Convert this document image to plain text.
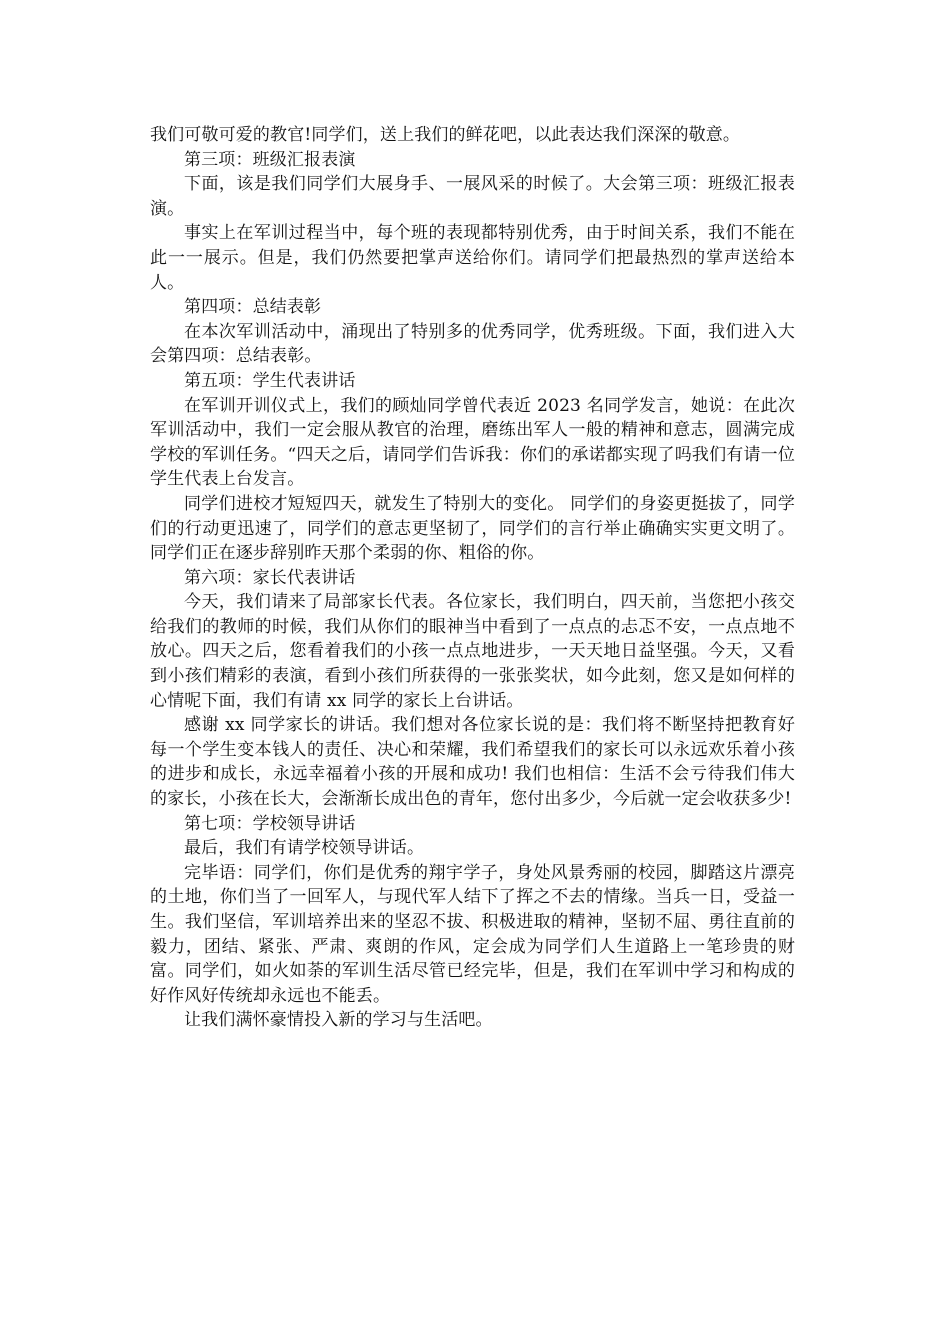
我们可敬可爱的教官!同学们，送上我们的鲜花吧，以此表达我们深深的敬意。

第三项：班级汇报表演

下面，该是我们同学们大展身手、一展风采的时候了。大会第三项：班级汇报表演。

事实上在军训过程当中，每个班的表现都特别优秀，由于时间关系，我们不能在此一一展示。但是，我们仍然要把掌声送给你们。请同学们把最热烈的掌声送给本人。

第四项：总结表彰

在本次军训活动中，涌现出了特别多的优秀同学，优秀班级。下面，我们进入大会第四项：总结表彰。

第五项：学生代表讲话

在军训开训仪式上，我们的顾灿同学曾代表近 2023 名同学发言，她说：在此次军训活动中，我们一定会服从教官的治理，磨练出军人一般的精神和意志，圆满完成学校的军训任务。“四天之后，请同学们告诉我：你们的承诺都实现了吗我们有请一位学生代表上台发言。

同学们进校才短短四天，就发生了特别大的变化。 同学们的身姿更挺拔了，同学们的行动更迅速了，同学们的意志更坚韧了，同学们的言行举止确确实实更文明了。同学们正在逐步辞别昨天那个柔弱的你、粗俗的你。

第六项：家长代表讲话

今天，我们请来了局部家长代表。各位家长，我们明白，四天前，当您把小孩交给我们的教师的时候，我们从你们的眼神当中看到了一点点的忐忑不安，一点点地不放心。四天之后，您看着我们的小孩一点点地进步，一天天地日益坚强。今天，又看到小孩们精彩的表演，看到小孩们所获得的一张张奖状，如今此刻，您又是如何样的心情呢下面，我们有请 xx 同学的家长上台讲话。

感谢 xx 同学家长的讲话。我们想对各位家长说的是：我们将不断坚持把教育好每一个学生变本钱人的责任、决心和荣耀，我们希望我们的家长可以永远欢乐着小孩的进步和成长，永远幸福着小孩的开展和成功! 我们也相信：生活不会亏待我们伟大的家长，小孩在长大，会渐渐长成出色的青年，您付出多少，今后就一定会收获多少!

第七项：学校领导讲话

最后，我们有请学校领导讲话。

完毕语：同学们，你们是优秀的翔宇学子，身处风景秀丽的校园，脚踏这片漂亮的土地，你们当了一回军人，与现代军人结下了挥之不去的情缘。当兵一日，受益一生。我们坚信，军训培养出来的坚忍不拔、积极进取的精神，坚韧不屈、勇往直前的毅力，团结、紧张、严肃、爽朗的作风，定会成为同学们人生道路上一笔珍贵的财富。同学们，如火如荼的军训生活尽管已经完毕，但是，我们在军训中学习和构成的好作风好传统却永远也不能丢。

让我们满怀豪情投入新的学习与生活吧。
